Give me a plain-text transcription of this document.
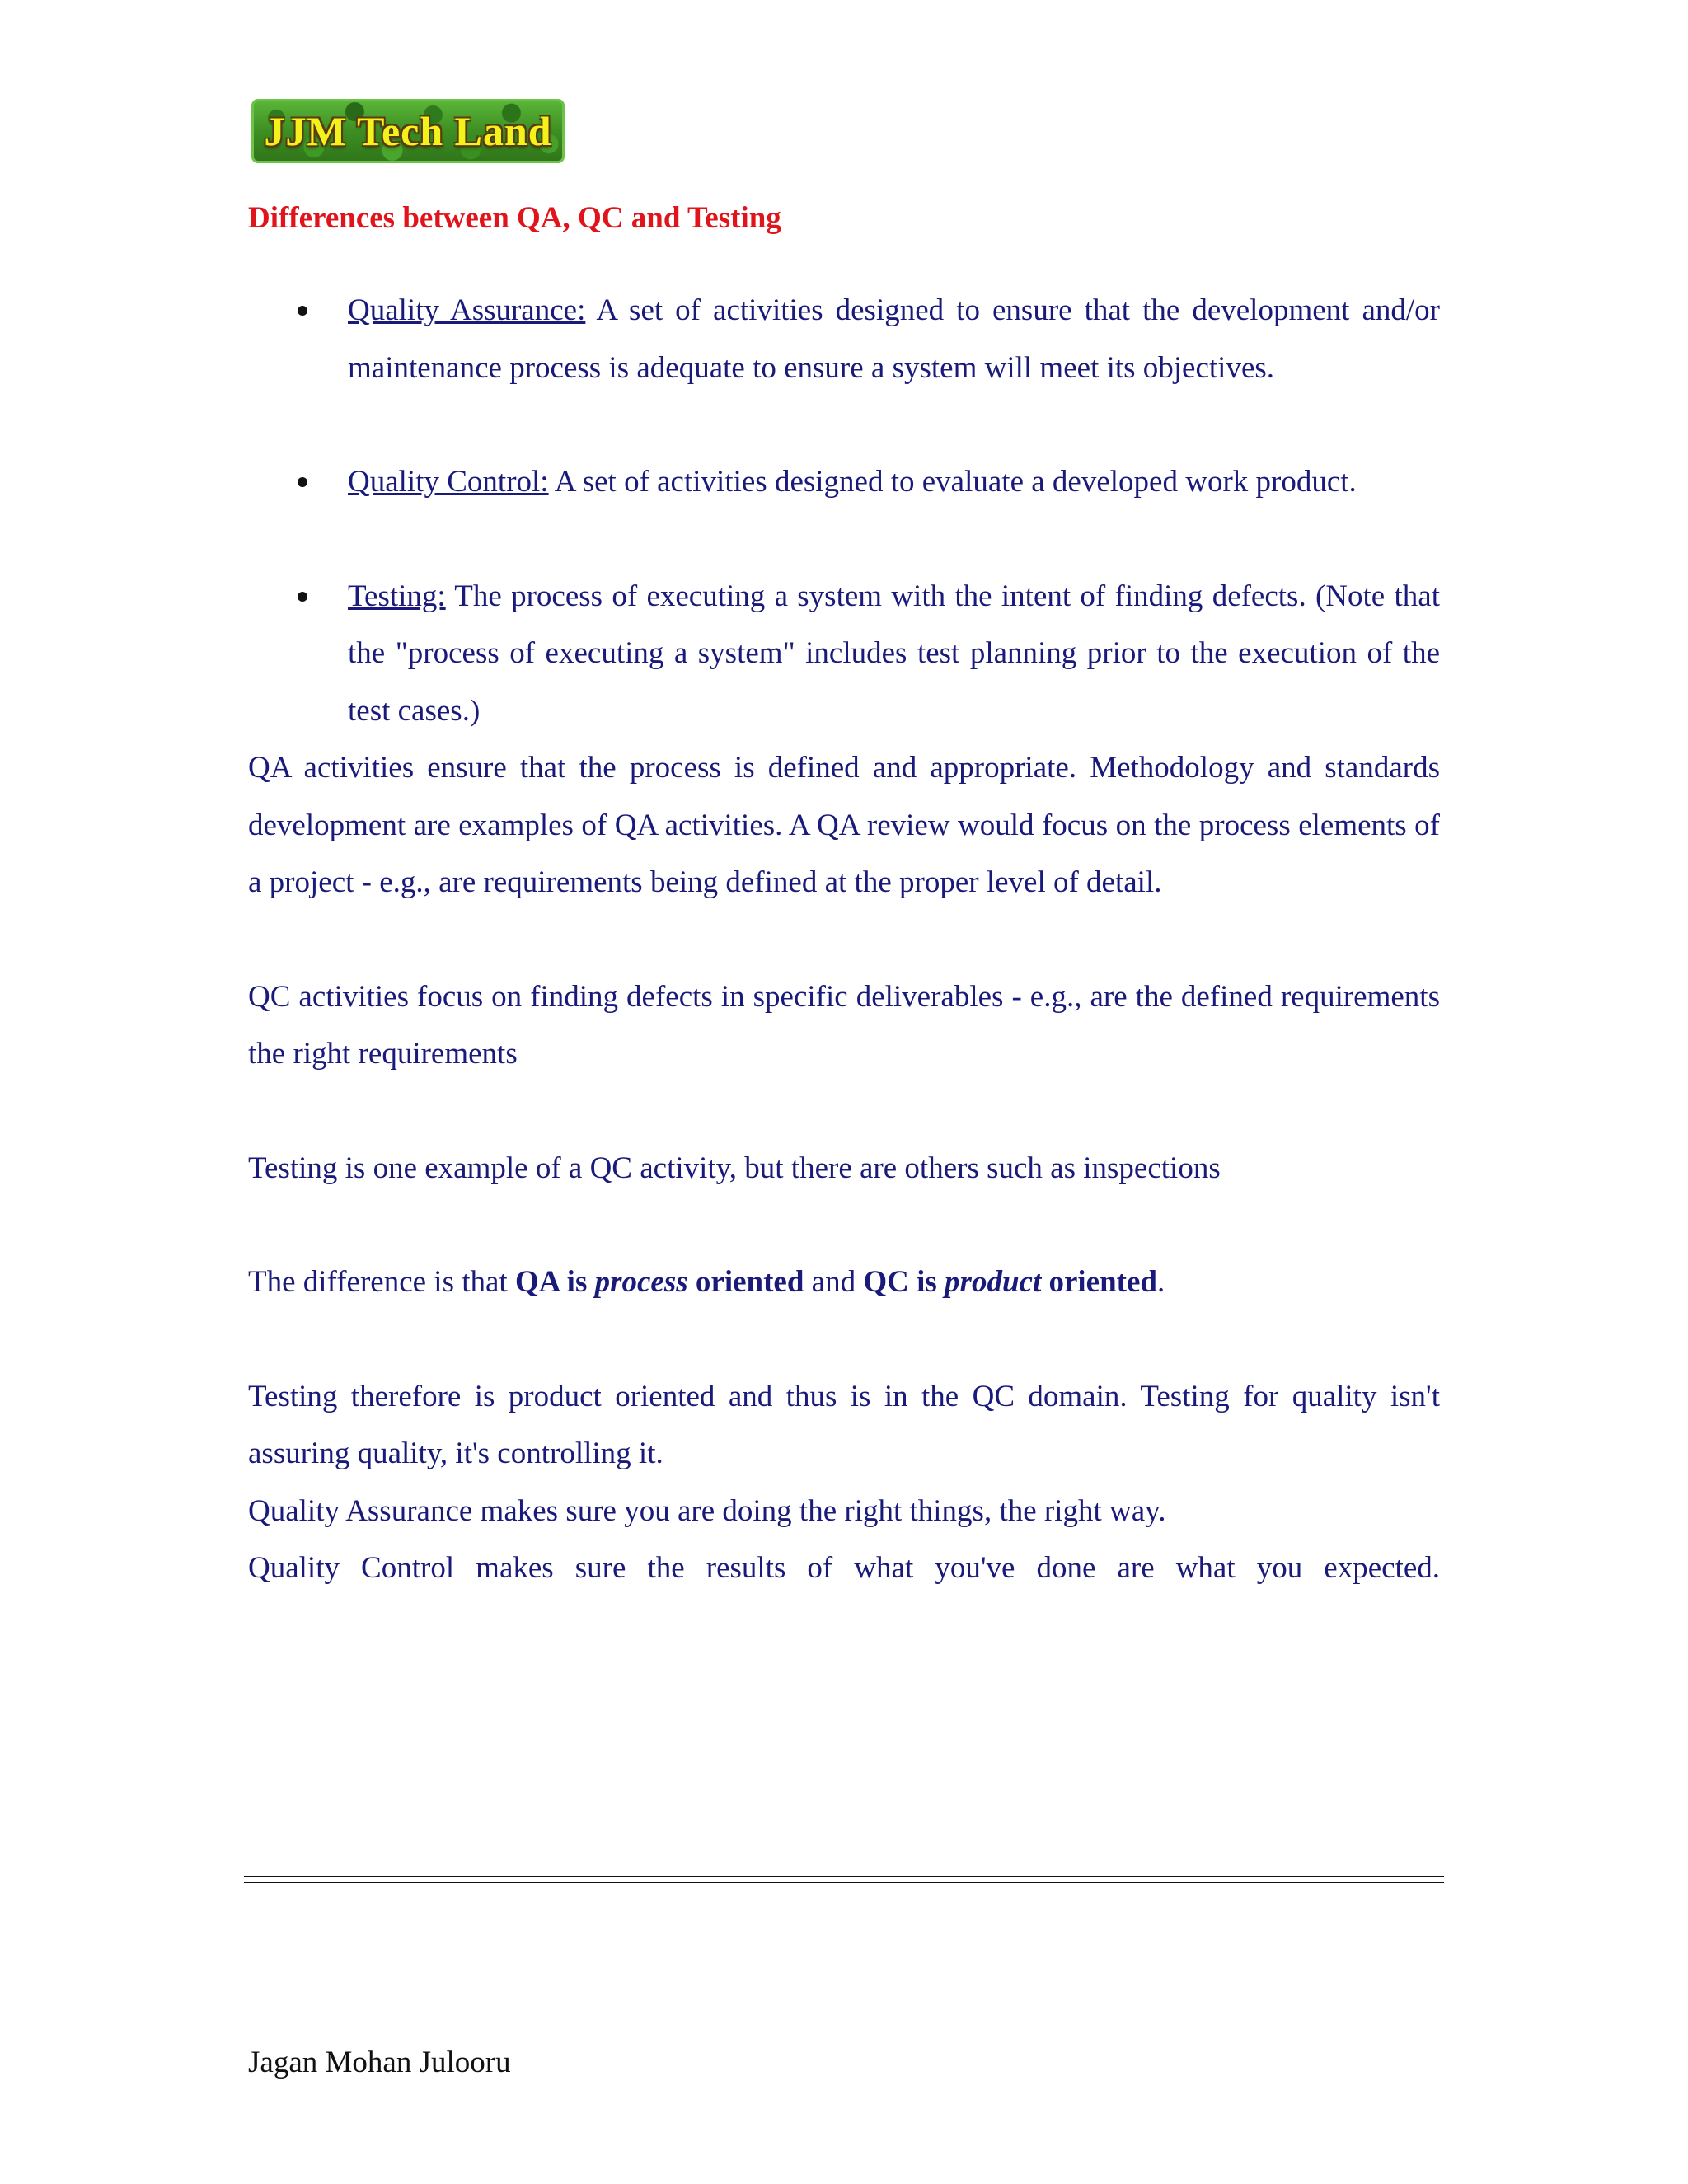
JJM Tech Land
Differences between QA, QC and Testing
Quality Assurance: A set of activities designed to ensure that the development and/or maintenance process is adequate to ensure a system will meet its objectives.
Quality Control: A set of activities designed to evaluate a developed work product.
Testing: The process of executing a system with the intent of finding defects. (Note that the "process of executing a system" includes test planning prior to the execution of the test cases.)

QA activities ensure that the process is defined and appropriate. Methodology and standards development are examples of QA activities. A QA review would focus on the process elements of a project - e.g., are requirements being defined at the proper level of detail.

QC activities focus on finding defects in specific deliverables - e.g., are the defined requirements the right requirements

Testing is one example of a QC activity, but there are others such as inspections

The difference is that QA is process oriented and QC is product oriented.

Testing therefore is product oriented and thus is in the QC domain. Testing for quality isn't assuring quality, it's controlling it.

Quality Assurance makes sure you are doing the right things, the right way.

Quality Control makes sure the results of what you've done are what you expected.

Jagan Mohan Julooru
